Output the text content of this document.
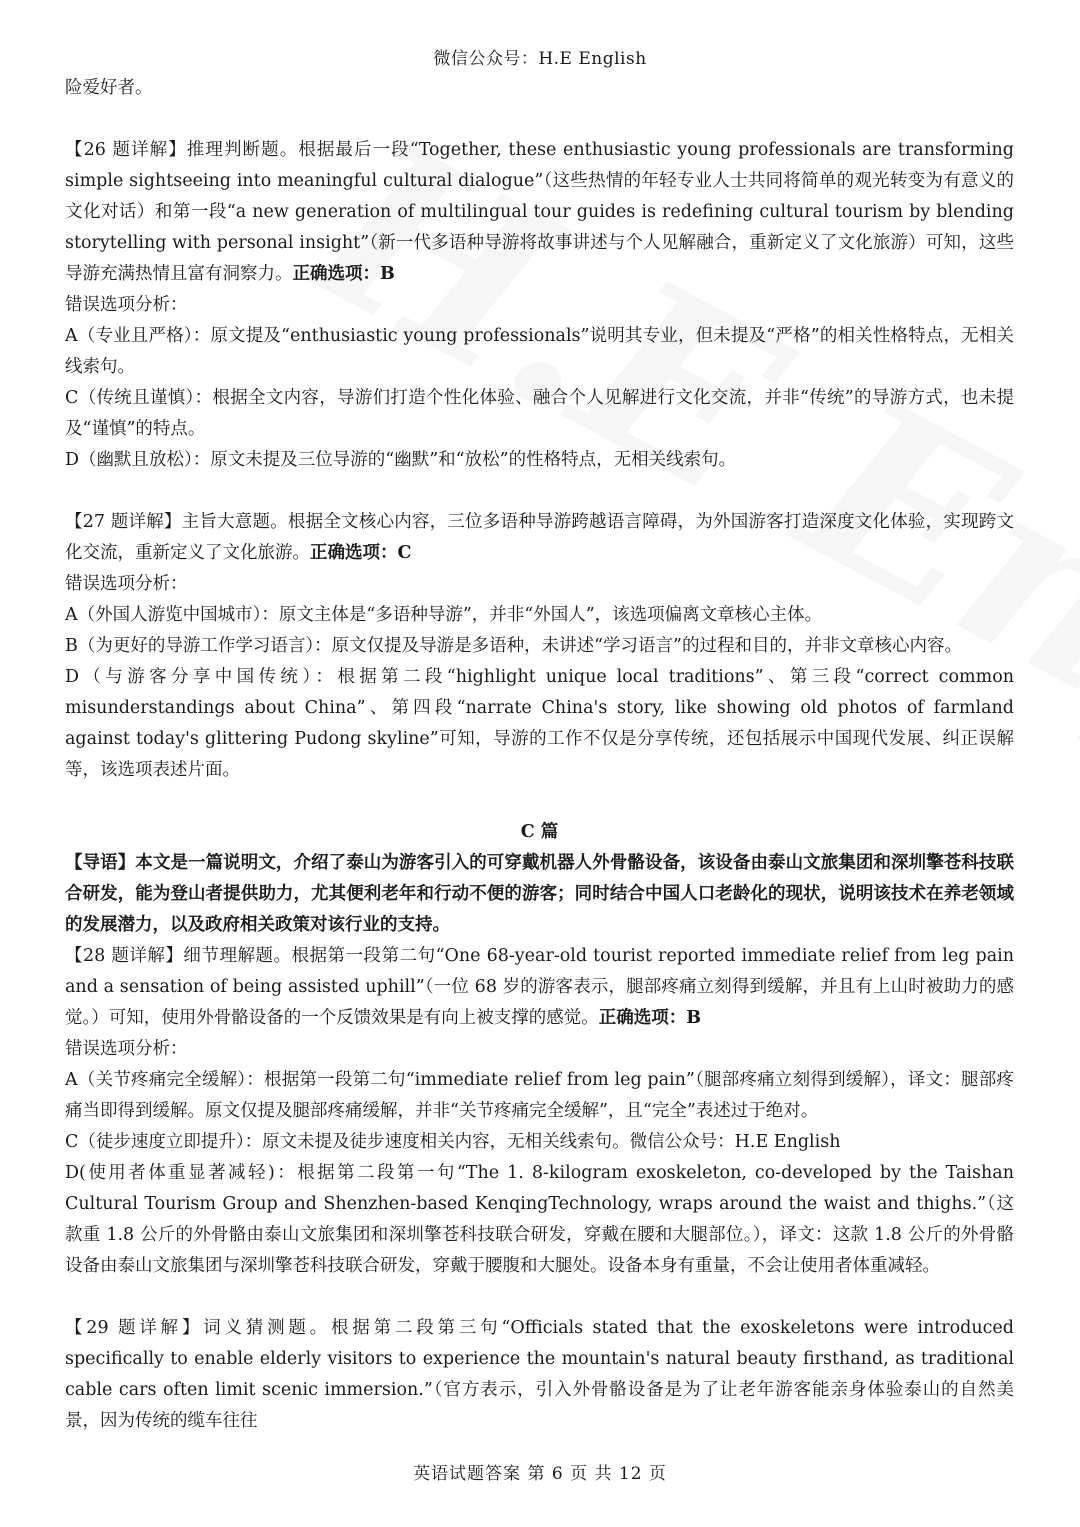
微信公众号：H.E English

险爱好者。

【26 题详解】推理判断题。根据最后一段“Together, these enthusiastic young professionals are transforming simple sightseeing into meaningful cultural dialogue”（这些热情的年轻专业人士共同将简单的观光转变为有意义的文化对话）和第一段“a new generation of multilingual tour guides is redefining cultural tourism by blending storytelling with personal insight”（新一代多语种导游将故事讲述与个人见解融合，重新定义了文化旅游）可知，这些导游充满热情且富有洞察力。正确选项：B

错误选项分析：

A（专业且严格）：原文提及“enthusiastic young professionals”说明其专业，但未提及“严格”的相关性格特点，无相关线索句。

C（传统且谨慎）：根据全文内容，导游们打造个性化体验、融合个人见解进行文化交流，并非“传统”的导游方式，也未提及“谨慎”的特点。

D（幽默且放松）：原文未提及三位导游的“幽默”和“放松”的性格特点，无相关线索句。

【27 题详解】主旨大意题。根据全文核心内容，三位多语种导游跨越语言障碍，为外国游客打造深度文化体验，实现跨文化交流，重新定义了文化旅游。正确选项：C

错误选项分析：

A（外国人游览中国城市）：原文主体是“多语种导游”，并非“外国人”，该选项偏离文章核心主体。

B（为更好的导游工作学习语言）：原文仅提及导游是多语种，未讲述“学习语言”的过程和目的，并非文章核心内容。

D（与游客分享中国传统）：根据第二段“highlight unique local traditions”、第三段“correct common misunderstandings about China”、第四段“narrate China's story, like showing old photos of farmland against today's glittering Pudong skyline”可知，导游的工作不仅是分享传统，还包括展示中国现代发展、纠正误解等，该选项表述片面。

C 篇

【导语】本文是一篇说明文，介绍了泰山为游客引入的可穿戴机器人外骨骼设备，该设备由泰山文旅集团和深圳擎苍科技联合研发，能为登山者提供助力，尤其便利老年和行动不便的游客；同时结合中国人口老龄化的现状，说明该技术在养老领域的发展潜力，以及政府相关政策对该行业的支持。

【28 题详解】细节理解题。根据第一段第二句“One 68-year-old tourist reported immediate relief from leg pain and a sensation of being assisted uphill”（一位 68 岁的游客表示，腿部疼痛立刻得到缓解，并且有上山时被助力的感觉。）可知，使用外骨骼设备的一个反馈效果是有向上被支撑的感觉。正确选项：B

错误选项分析：

A（关节疼痛完全缓解）：根据第一段第二句“immediate relief from leg pain”（腿部疼痛立刻得到缓解），译文：腿部疼痛当即得到缓解。原文仅提及腿部疼痛缓解，并非“关节疼痛完全缓解”，且“完全”表述过于绝对。

C（徒步速度立即提升）：原文未提及徒步速度相关内容，无相关线索句。微信公众号：H.E English

D(使用者体重显著减轻)：根据第二段第一句“The 1. 8-kilogram exoskeleton, co-developed by the Taishan Cultural Tourism Group and Shenzhen-based KenqingTechnology, wraps around the waist and thighs.”（这款重 1.8 公斤的外骨骼由泰山文旅集团和深圳擎苍科技联合研发，穿戴在腰和大腿部位。），译文：这款 1.8 公斤的外骨骼设备由泰山文旅集团与深圳擎苍科技联合研发，穿戴于腰腹和大腿处。设备本身有重量，不会让使用者体重减轻。

【29 题详解】词义猜测题。根据第二段第三句“Officials stated that the exoskeletons were introduced specifically to enable elderly visitors to experience the mountain's natural beauty firsthand, as traditional cable cars often limit scenic immersion.”（官方表示，引入外骨骼设备是为了让老年游客能亲身体验泰山的自然美景，因为传统的缆车往往

英语试题答案 第 6 页 共 12 页
